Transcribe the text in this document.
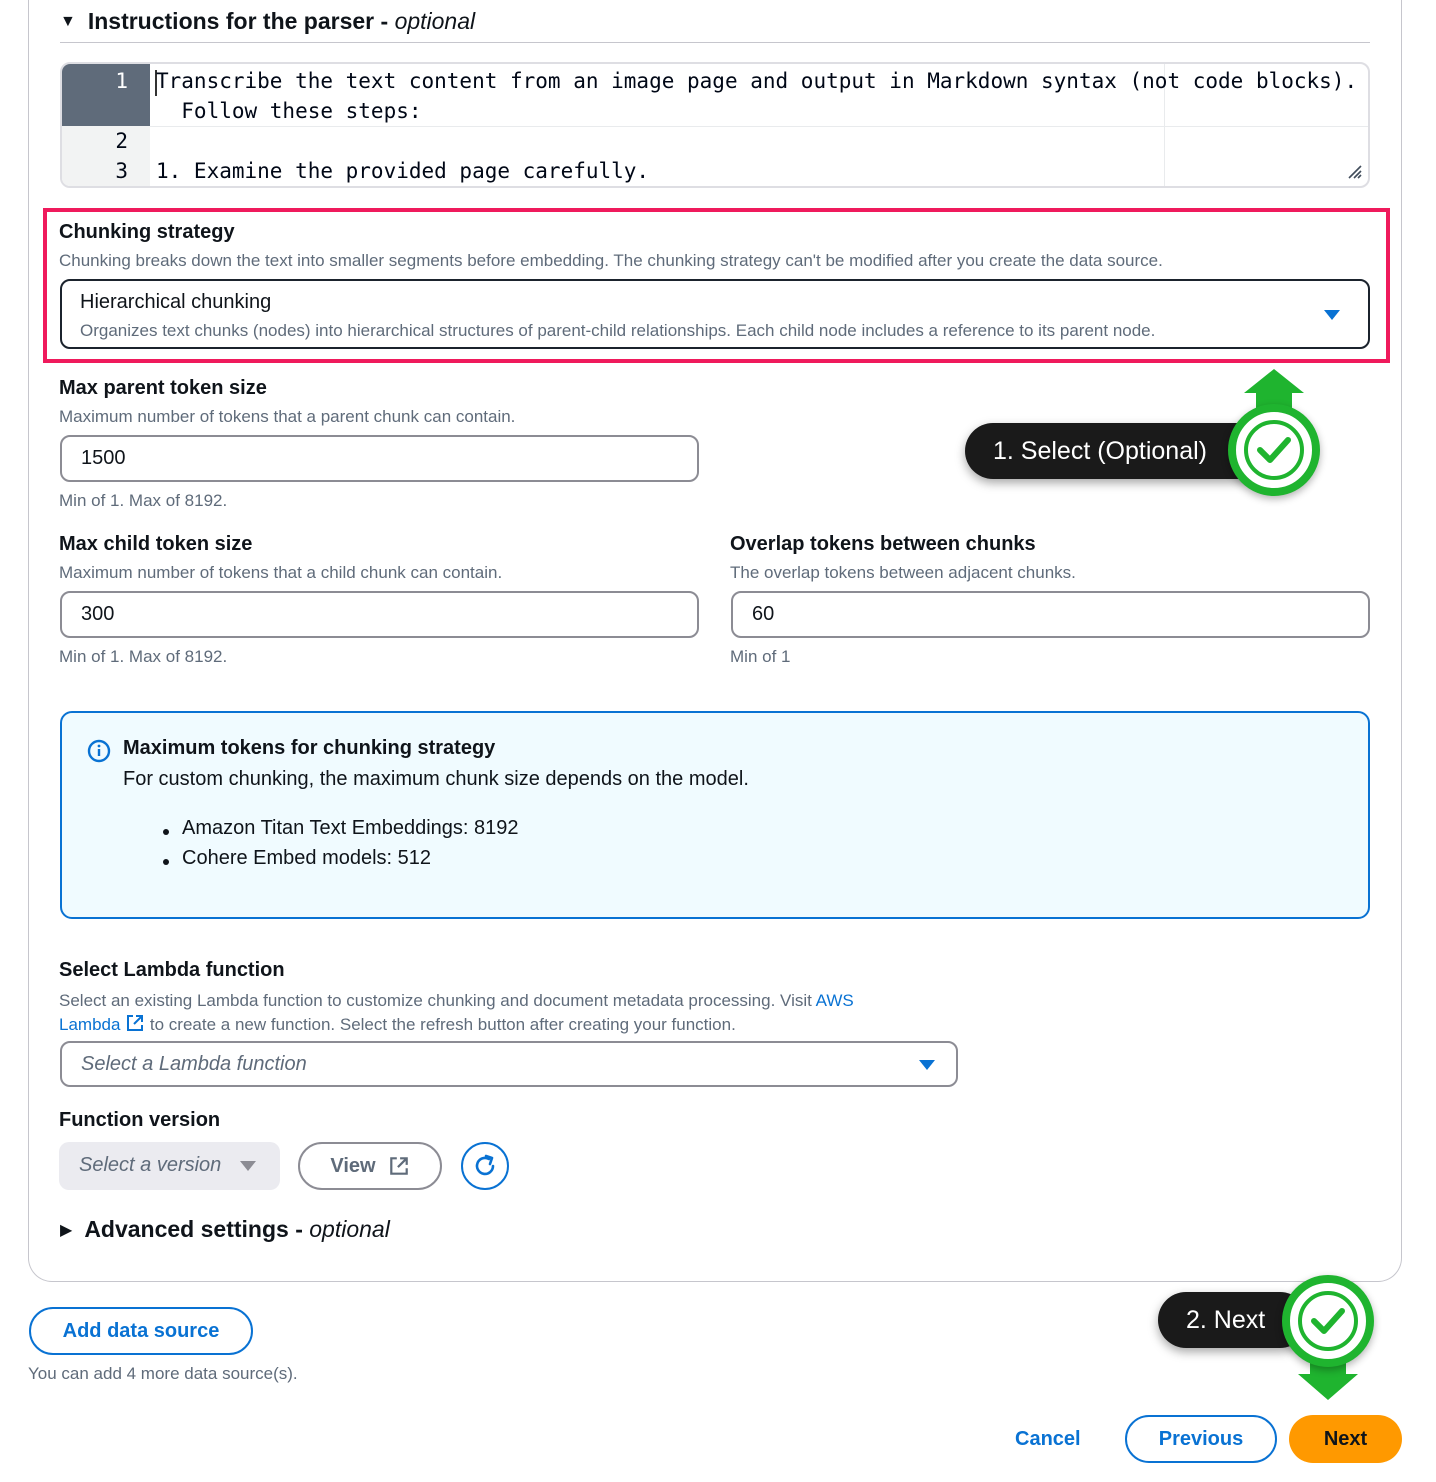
▼ Instructions for the parser -
optional
1
2
3
Transcribe the text content from an image page and output in Markdown syntax (not code blocks).
Follow these steps:
1. Examine the provided page carefully.
Chunking strategy
Chunking breaks down the text into smaller segments before embedding. The chunking strategy can't be modified after you create the data source.
Hierarchical chunking
Organizes text chunks (nodes) into hierarchical structures of parent-child relationships. Each child node includes a reference to its parent node.
1. Select (Optional)
Max parent token size
Maximum number of tokens that a parent chunk can contain.
1500
Min of 1. Max of 8192.
Max child token size
Maximum number of tokens that a child chunk can contain.
300
Min of 1. Max of 8192.
Overlap tokens between chunks
The overlap tokens between adjacent chunks.
60
Min of 1
Maximum tokens for chunking strategy
For custom chunking, the maximum chunk size depends on the model.
Amazon Titan Text Embeddings: 8192
Cohere Embed models: 512
Select Lambda function
Select an existing Lambda function to customize chunking and document metadata processing. Visit AWS
Lambda to create a new function. Select the refresh button after creating your function.
Select a Lambda function
Function version
Select a version	View
▶ Advanced settings -
optional
Add data source
You can add 4 more data source(s).
2. Next
Cancel	Previous	Next
